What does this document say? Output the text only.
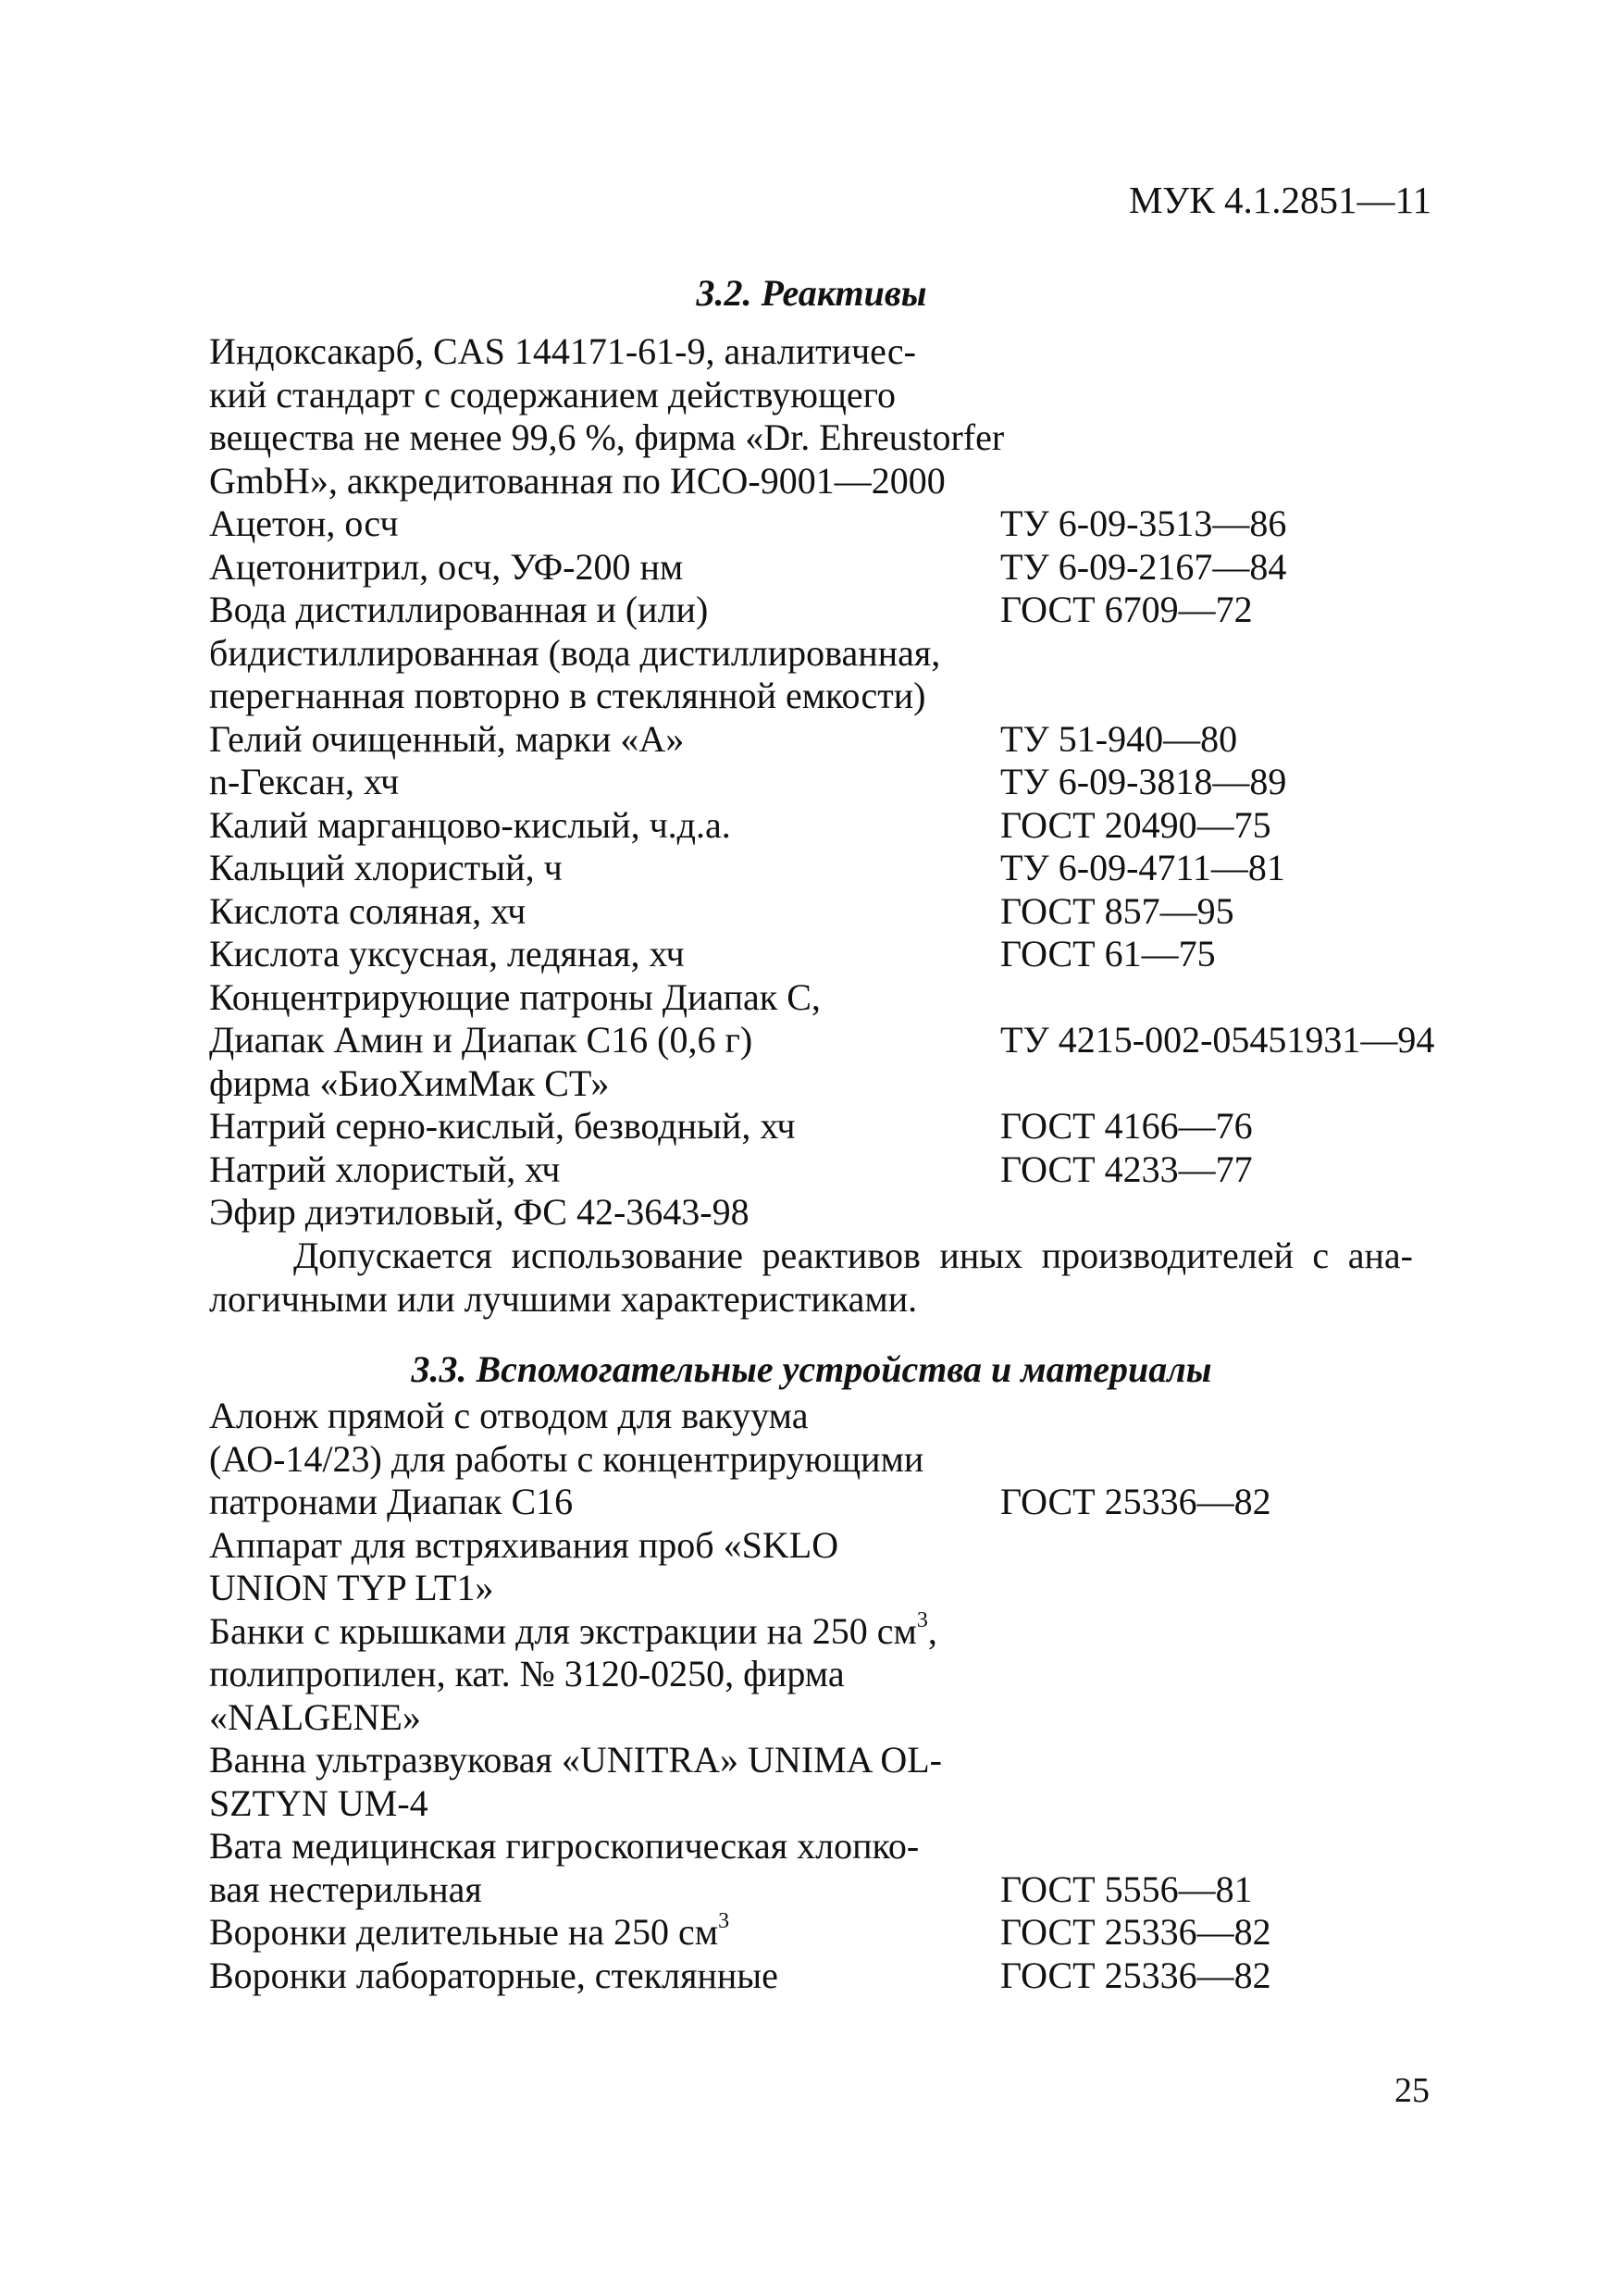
МУК 4.1.2851—11
3.2. Реактивы
Индоксакарб, CAS 144171-61-9, аналитичес-
кий стандарт с содержанием действующего
вещества не менее 99,6 %, фирма «Dr. Ehreustorfer
GmbH», аккредитованная по ИСО-9001—2000
Ацетон, осч	ТУ 6-09-3513—86
Ацетонитрил, осч, УФ-200 нм	ТУ 6-09-2167—84
Вода дистиллированная и (или)	ГОСТ 6709—72
бидистиллированная (вода дистиллированная,
перегнанная повторно в стеклянной емкости)
Гелий очищенный, марки «А»	ТУ 51-940—80
n-Гексан, хч	ТУ 6-09-3818—89
Калий марганцово-кислый, ч.д.а.	ГОСТ 20490—75
Кальций хлористый, ч	ТУ 6-09-4711—81
Кислота соляная, хч	ГОСТ 857—95
Кислота уксусная, ледяная, хч	ГОСТ 61—75
Концентрирующие патроны Диапак С,
Диапак Амин и Диапак С16 (0,6 г)	ТУ 4215-002-05451931—94
фирма «БиоХимМак СТ»
Натрий серно-кислый, безводный, хч	ГОСТ 4166—76
Натрий хлористый, хч	ГОСТ 4233—77
Эфир диэтиловый, ФС 42-3643-98
Допускается использование реактивов иных производителей с ана-
логичными или лучшими характеристиками.
3.3. Вспомогательные устройства и материалы
Алонж прямой с отводом для вакуума
(АО-14/23) для работы с концентрирующими
патронами Диапак С16	ГОСТ 25336—82
Аппарат для встряхивания проб «SKLO
UNION TYP LT1»
Банки с крышками для экстракции на 250 $см^3$,
полипропилен, кат. № 3120-0250, фирма
«NALGENE»
Ванна ультразвуковая «UNITRA» UNIMA OL-
SZTYN UM-4
Вата медицинская гигроскопическая хлопко-
вая нестерильная	ГОСТ 5556—81
Воронки делительные на 250 $см^3$	ГОСТ 25336—82
Воронки лабораторные, стеклянные	ГОСТ 25336—82
25
